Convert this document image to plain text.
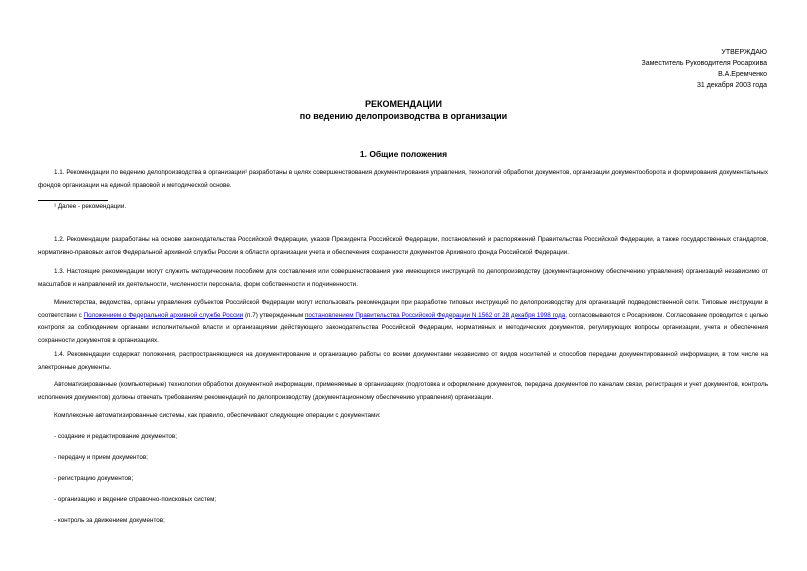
УТВЕРЖДАЮ
Заместитель Руководителя Росархива
В.А.Еремченко
31 декабря 2003 года
РЕКОМЕНДАЦИИ
по ведению делопроизводства в организации
1. Общие положения
1.1. Рекомендации по ведению делопроизводства в организации¹ разработаны в целях совершенствования документирования управления, технологий обработки документов, организации документооборота и формирования документальных фондов организации на единой правовой и методической основе.
¹ Далее - рекомендации.
1.2. Рекомендации разработаны на основе законодательства Российской Федерации, указов Президента Российской Федерации, постановлений и распоряжений Правительства Российской Федерации, а также государственных стандартов, нормативно-правовых актов Федеральной архивной службы России в области организации учета и обеспечения сохранности документов Архивного фонда Российской Федерации.
1.3. Настоящие рекомендации могут служить методическим пособием для составления или совершенствования уже имеющихся инструкций по делопроизводству (документационному обеспечению управления) организаций независимо от масштабов и направлений их деятельности, численности персонала, форм собственности и подчиненности.
Министерства, ведомства, органы управления субъектов Российской Федерации могут использовать рекомендации при разработке типовых инструкций по делопроизводству для организаций подведомственной сети. Типовые инструкции в соответствии с Положением о Федеральной архивной службе России (п.7) утвержденным постановлением Правительства Российской Федерации N 1562 от 28 декабря 1998 года, согласовываются с Росархивом. Согласование проводится с целью контроля за соблюдением органами исполнительной власти и организациями действующего законодательства Российской Федерации, нормативных и методических документов, регулирующих вопросы организации, учета и обеспечения сохранности документов в организациях.
1.4. Рекомендации содержат положения, распространяющиеся на документирование и организацию работы со всеми документами независимо от видов носителей и способов передачи документированной информации, в том числе на электронные документы.
Автоматизированные (компьютерные) технологии обработки документной информации, применяемые в организациях (подготовка и оформление документов, передача документов по каналам связи, регистрация и учет документов, контроль исполнения документов) должны отвечать требованиям рекомендаций по делопроизводству (документационному обеспечению управления) организации.
Комплексные автоматизированные системы, как правило, обеспечивают следующие операции с документами:
- создание и редактирование документов;
- передачу и прием документов;
- регистрацию документов;
- организацию и ведение справочно-поисковых систем;
- контроль за движением документов;
